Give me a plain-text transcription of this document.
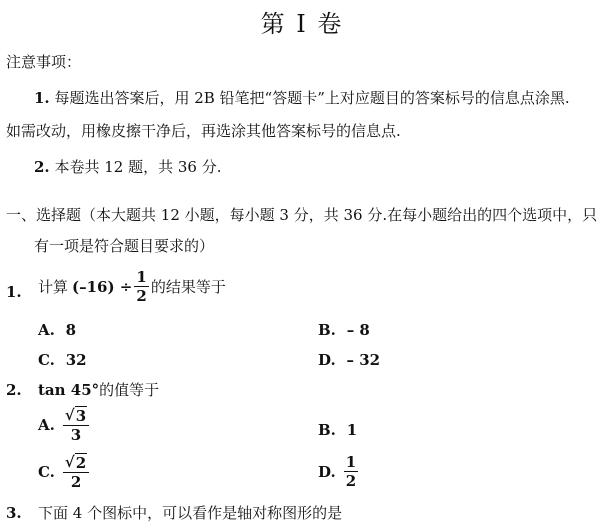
第 I 卷
注意事项：
1. 每题选出答案后，用 2B 铅笔把“答题卡”上对应题目的答案标号的信息点涂黑.
如需改动，用橡皮擦干净后，再选涂其他答案标号的信息点.
2. 本卷共 12 题，共 36 分.
一、选择题（本大题共 12 小题，每小题 3 分，共 36 分.在每小题给出的四个选项中，只
有一项是符合题目要求的）
1. 计算 $(-16) \div \frac{1}{2}$ 的结果等于
A. 8	B. – 8
C. 32	D. – 32
2. tan 45°的值等于
A. $\frac{√ 3}{3}$	B. 1
C. $\frac{√ 2}{2}$	D. $\frac{1}{2}$
3. 下面 4 个图标中，可以看作是轴对称图形的是
